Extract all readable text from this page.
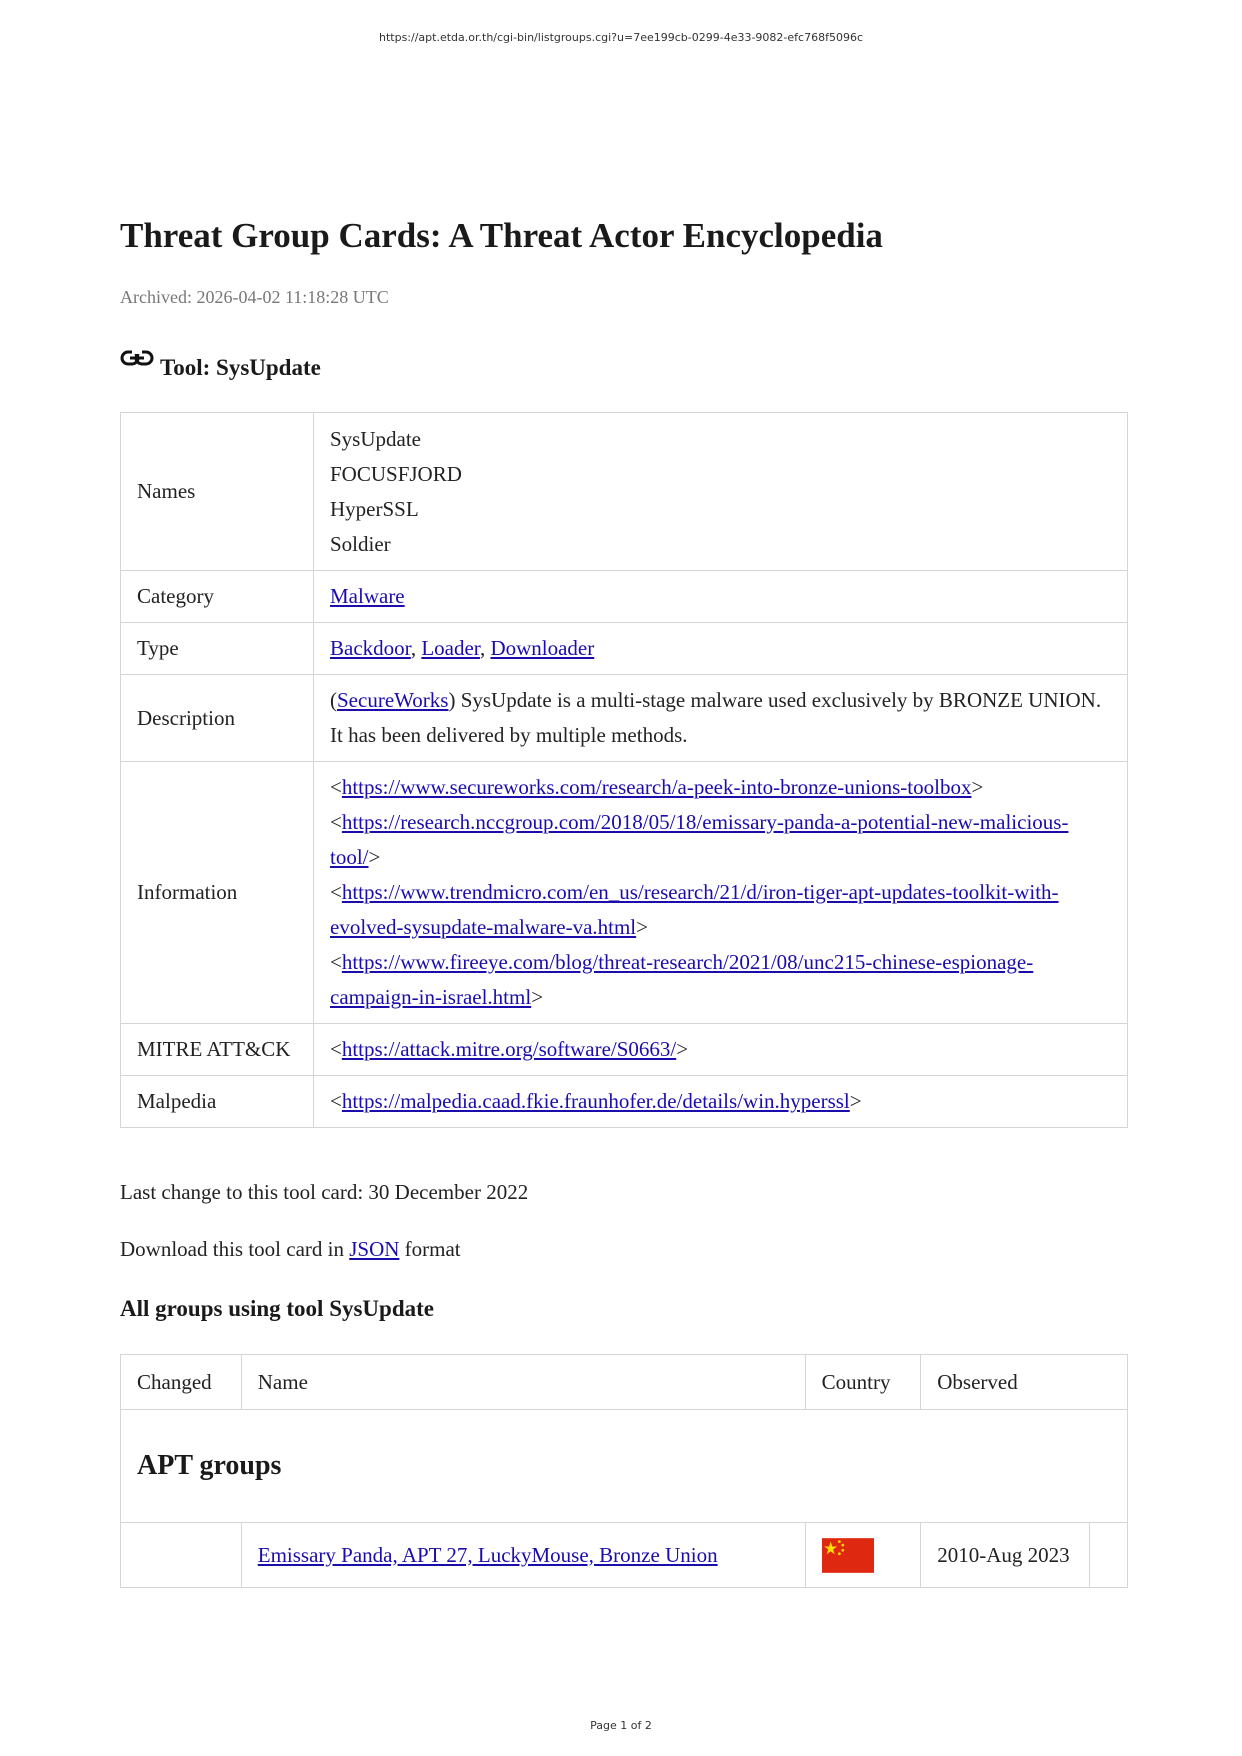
https://apt.etda.or.th/cgi-bin/listgroups.cgi?u=7ee199cb-0299-4e33-9082-efc768f5096c
Threat Group Cards: A Threat Actor Encyclopedia
Archived: 2026-04-02 11:18:28 UTC
Tool: SysUpdate
Names	SysUpdate
FOCUSFJORD
HyperSSL
Soldier

Category	Malware
Type	Backdoor, Loader, Downloader
Description	(SecureWorks) SysUpdate is a multi-stage malware used exclusively by BRONZE UNION. It has been delivered by multiple methods.
Information	<https://www.secureworks.com/research/a-peek-into-bronze-unions-toolbox>
<https://research.nccgroup.com/2018/05/18/emissary-panda-a-potential-new-malicious-tool/>
<https://www.trendmicro.com/en_us/research/21/d/iron-tiger-apt-updates-toolkit-with-evolved-sysupdate-malware-va.html>
<https://www.fireeye.com/blog/threat-research/2021/08/unc215-chinese-espionage-campaign-in-israel.html>

MITRE ATT&CK	<https://attack.mitre.org/software/S0663/>
Malpedia	<https://malpedia.caad.fkie.fraunhofer.de/details/win.hyperssl>
Last change to this tool card: 30 December 2022
Download this tool card in JSON format
All groups using tool SysUpdate
Changed	Name	Country	Observed	
APT groups				
	Emissary Panda, APT 27, LuckyMouse, Bronze Union		2010-Aug 2023	
Page 1 of 2
